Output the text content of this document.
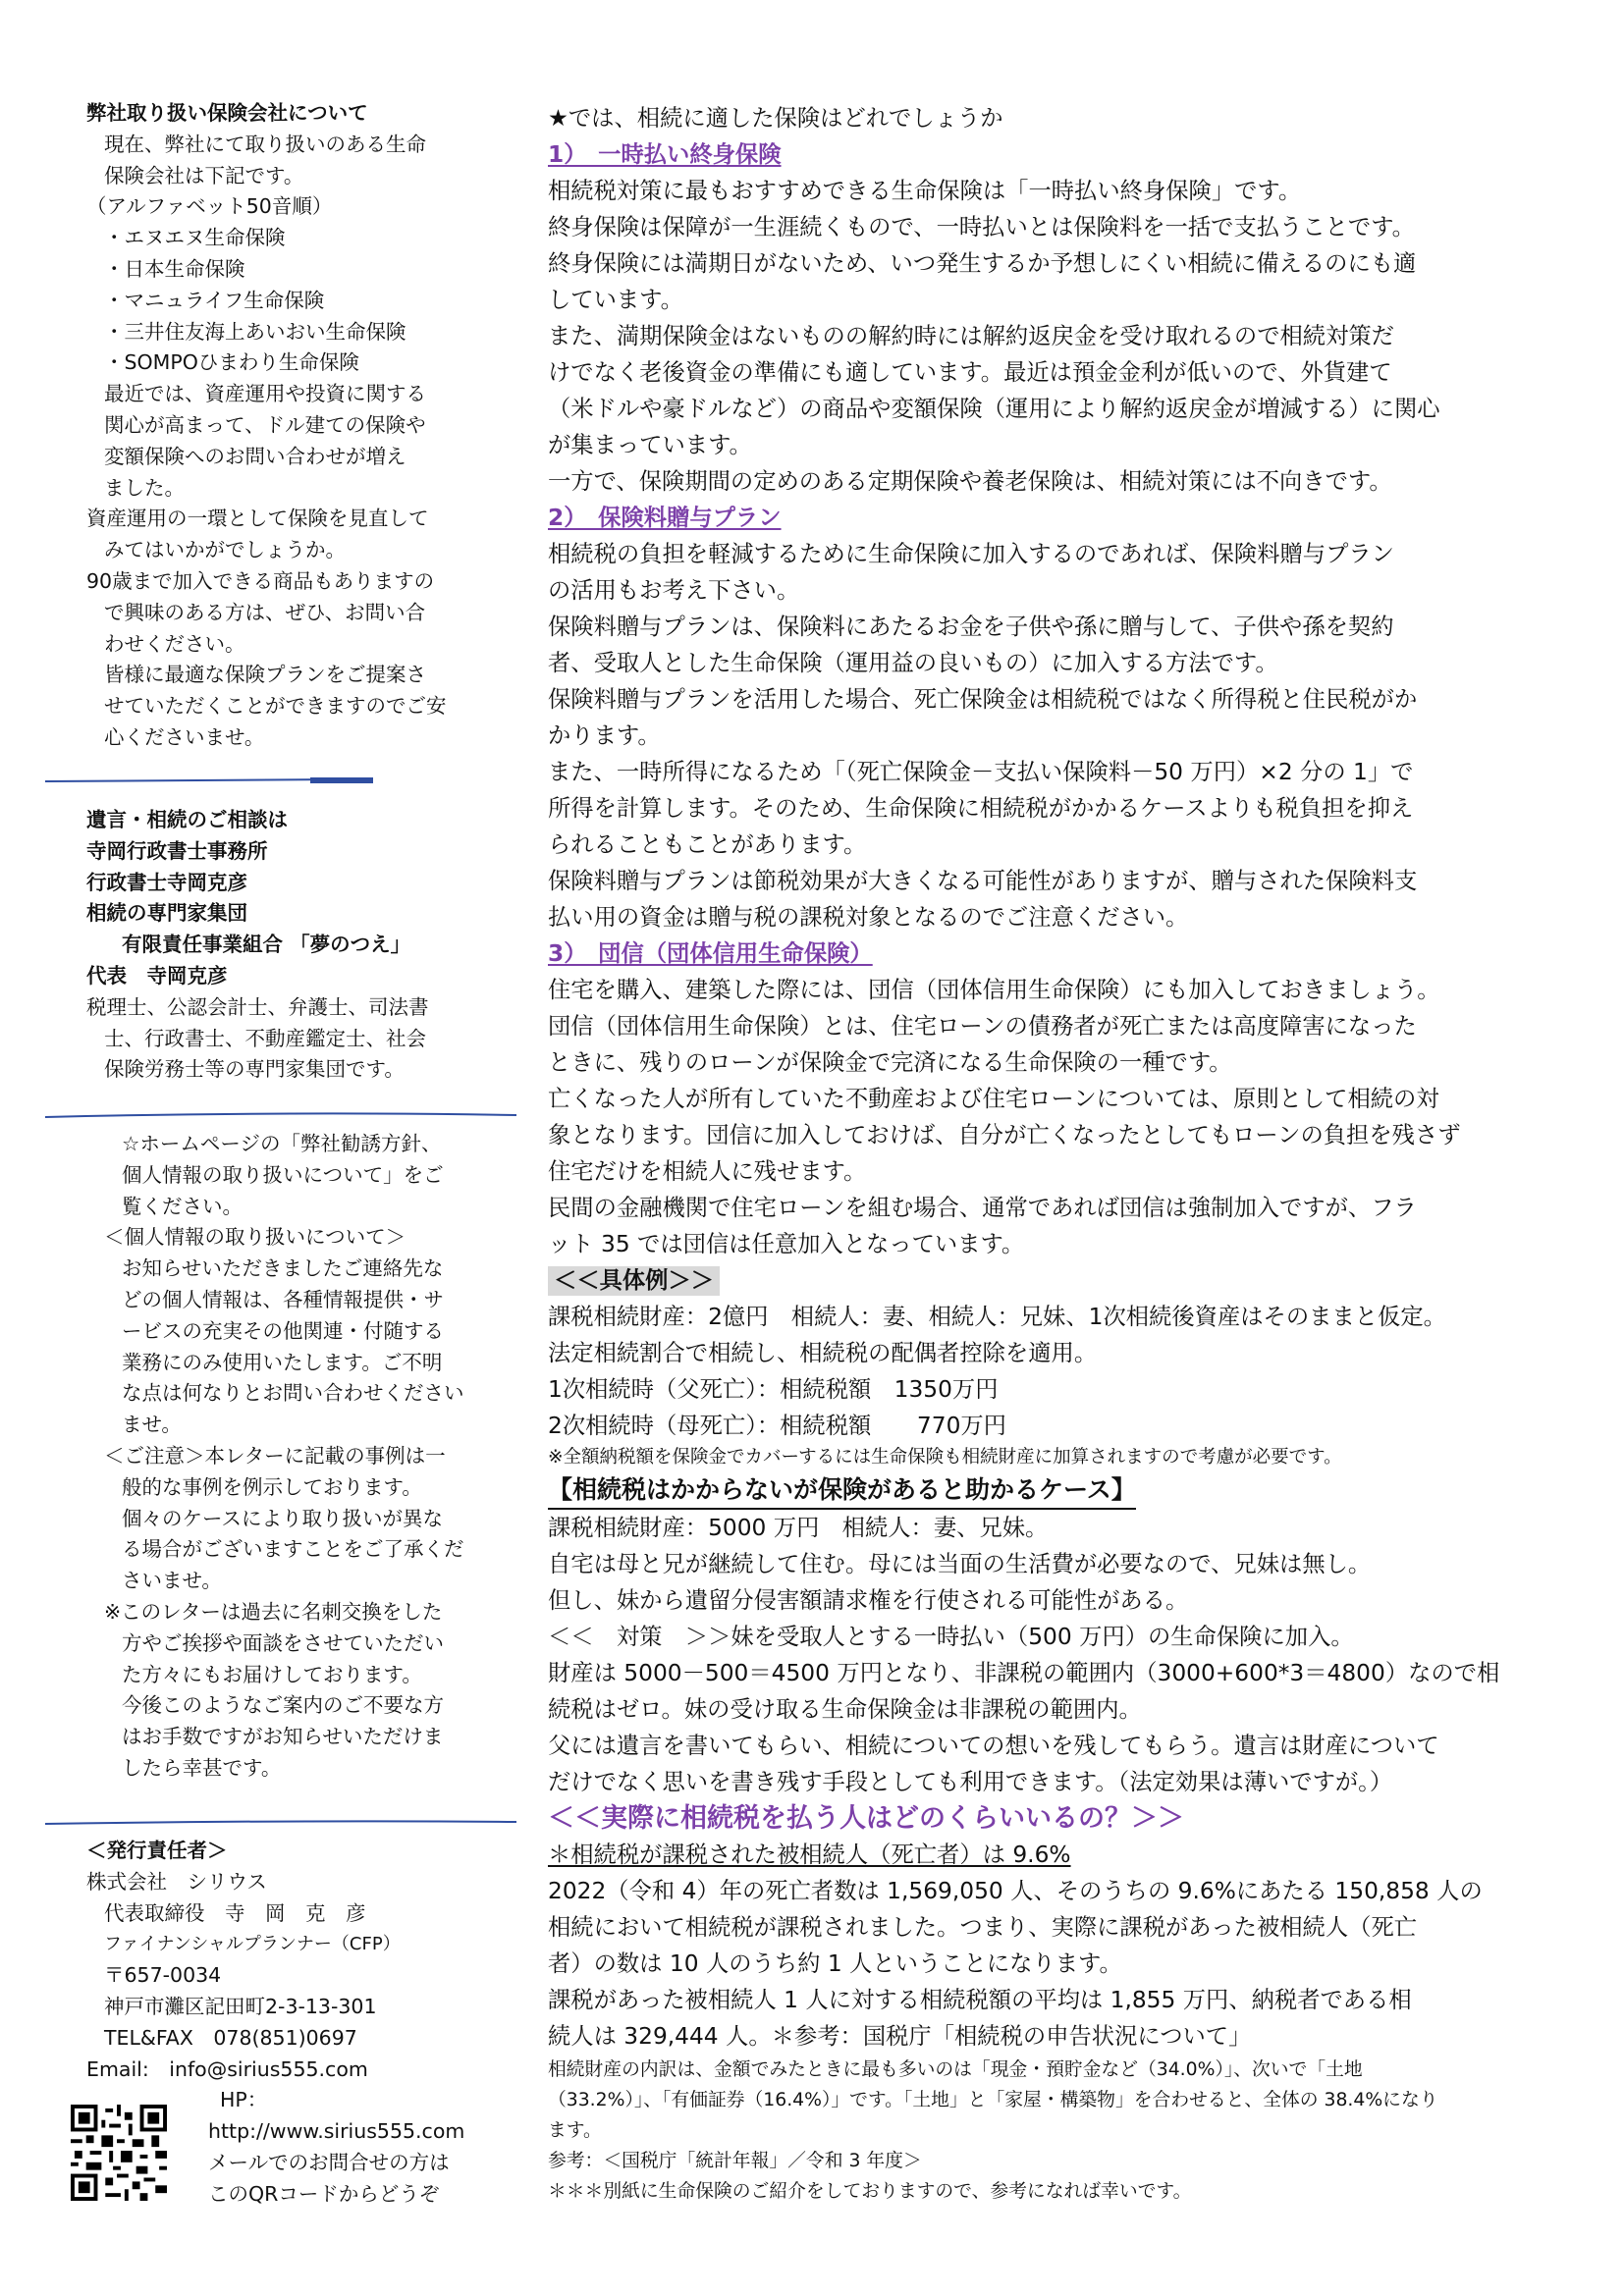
弊社取り扱い保険会社について

現在、弊社にて取り扱いのある生命

保険会社は下記です。

（アルファベット50音順）

・エヌエヌ生命保険

・日本生命保険

・マニュライフ生命保険

・三井住友海上あいおい生命保険

・SOMPOひまわり生命保険

最近では、資産運用や投資に関する

関心が高まって、ドル建ての保険や

変額保険へのお問い合わせが増え

ました。

資産運用の一環として保険を見直して

みてはいかがでしょうか。

90歳まで加入できる商品もありますの

で興味のある方は、ぜひ、お問い合

わせください。

皆様に最適な保険プランをご提案さ

せていただくことができますのでご安

心くださいませ。

遺言・相続のご相談は

寺岡行政書士事務所

行政書士寺岡克彦

相続の専門家集団

有限責任事業組合 「夢のつえ」

代表　寺岡克彦

税理士、公認会計士、弁護士、司法書

士、行政書士、不動産鑑定士、社会

保険労務士等の専門家集団です。

☆ホームページの「弊社勧誘方針、

個人情報の取り扱いについて」をご

覧ください。

＜個人情報の取り扱いについて＞

お知らせいただきましたご連絡先な

どの個人情報は、各種情報提供・サ

ービスの充実その他関連・付随する

業務にのみ使用いたします。ご不明

な点は何なりとお問い合わせください

ませ。

＜ご注意＞本レターに記載の事例は一

般的な事例を例示しております。

個々のケースにより取り扱いが異な

る場合がございますことをご了承くだ

さいませ。

※このレターは過去に名刺交換をした

方やご挨拶や面談をさせていただい

た方々にもお届けしております。

今後このようなご案内のご不要な方

はお手数ですがお知らせいただけま

したら幸甚です。

＜発行責任者＞

株式会社　シリウス

代表取締役　寺　岡　克　彦

ファイナンシャルプランナー（CFP）

〒657-0034

神戸市灘区記田町2-3-13-301

TEL&FAX　078(851)0697

Email:　info@sirius555.com

HP：

http://www.sirius555.com

メールでのお問合せの方は

このQRコードからどうぞ

★では、相続に適した保険はどれでしょうか

1）　一時払い終身保険

相続税対策に最もおすすめできる生命保険は「一時払い終身保険」です。

終身保険は保障が一生涯続くもので、一時払いとは保険料を一括で支払うことです。

終身保険には満期日がないため、いつ発生するか予想しにくい相続に備えるのにも適

しています。

また、満期保険金はないものの解約時には解約返戻金を受け取れるので相続対策だ

けでなく老後資金の準備にも適しています。最近は預金金利が低いので、外貨建て

（米ドルや豪ドルなど）の商品や変額保険（運用により解約返戻金が増減する）に関心

が集まっています。

一方で、保険期間の定めのある定期保険や養老保険は、相続対策には不向きです。

2）　保険料贈与プラン

相続税の負担を軽減するために生命保険に加入するのであれば、保険料贈与プラン

の活用もお考え下さい。

保険料贈与プランは、保険料にあたるお金を子供や孫に贈与して、子供や孫を契約

者、受取人とした生命保険（運用益の良いもの）に加入する方法です。

保険料贈与プランを活用した場合、死亡保険金は相続税ではなく所得税と住民税がか

かります。

また、一時所得になるため「（死亡保険金－支払い保険料－50 万円）×2 分の 1」で

所得を計算します。そのため、生命保険に相続税がかかるケースよりも税負担を抑え

られることもことがあります。

保険料贈与プランは節税効果が大きくなる可能性がありますが、贈与された保険料支

払い用の資金は贈与税の課税対象となるのでご注意ください。

3）　団信（団体信用生命保険）

住宅を購入、建築した際には、団信（団体信用生命保険）にも加入しておきましょう。

団信（団体信用生命保険）とは、住宅ローンの債務者が死亡または高度障害になった

ときに、残りのローンが保険金で完済になる生命保険の一種です。

亡くなった人が所有していた不動産および住宅ローンについては、原則として相続の対

象となります。団信に加入しておけば、自分が亡くなったとしてもローンの負担を残さず

住宅だけを相続人に残せます。

民間の金融機関で住宅ローンを組む場合、通常であれば団信は強制加入ですが、フラ

ット 35 では団信は任意加入となっています。

＜＜具体例＞＞

課税相続財産：2億円　相続人：妻、相続人：兄妹、1次相続後資産はそのままと仮定。

法定相続割合で相続し、相続税の配偶者控除を適用。

1次相続時（父死亡）：相続税額　1350万円

2次相続時（母死亡）：相続税額　　770万円

※全額納税額を保険金でカバーするには生命保険も相続財産に加算されますので考慮が必要です。

【相続税はかからないが保険があると助かるケース】

課税相続財産：5000 万円　相続人：妻、兄妹。

自宅は母と兄が継続して住む。母には当面の生活費が必要なので、兄妹は無し。

但し、妹から遺留分侵害額請求権を行使される可能性がある。

＜＜　対策　＞＞妹を受取人とする一時払い（500 万円）の生命保険に加入。

財産は 5000－500＝4500 万円となり、非課税の範囲内（3000+600*3＝4800）なので相

続税はゼロ。妹の受け取る生命保険金は非課税の範囲内。

父には遺言を書いてもらい、相続についての想いを残してもらう。遺言は財産について

だけでなく思いを書き残す手段としても利用できます。（法定効果は薄いですが。）

＜＜実際に相続税を払う人はどのくらいいるの？＞＞

＊相続税が課税された被相続人（死亡者）は 9.6%

2022（令和 4）年の死亡者数は 1,569,050 人、そのうちの 9.6%にあたる 150,858 人の

相続において相続税が課税されました。つまり、実際に課税があった被相続人（死亡

者）の数は 10 人のうち約 1 人ということになります。

課税があった被相続人 1 人に対する相続税額の平均は 1,855 万円、納税者である相

続人は 329,444 人。＊参考：国税庁「相続税の申告状況について」

相続財産の内訳は、金額でみたときに最も多いのは「現金・預貯金など（34.0%）」、次いで「土地

（33.2%）」、「有価証券（16.4%）」です。「土地」と「家屋・構築物」を合わせると、全体の 38.4%になり

ます。

参考：＜国税庁「統計年報」／令和 3 年度＞

＊＊＊別紙に生命保険のご紹介をしておりますので、参考になれば幸いです。
